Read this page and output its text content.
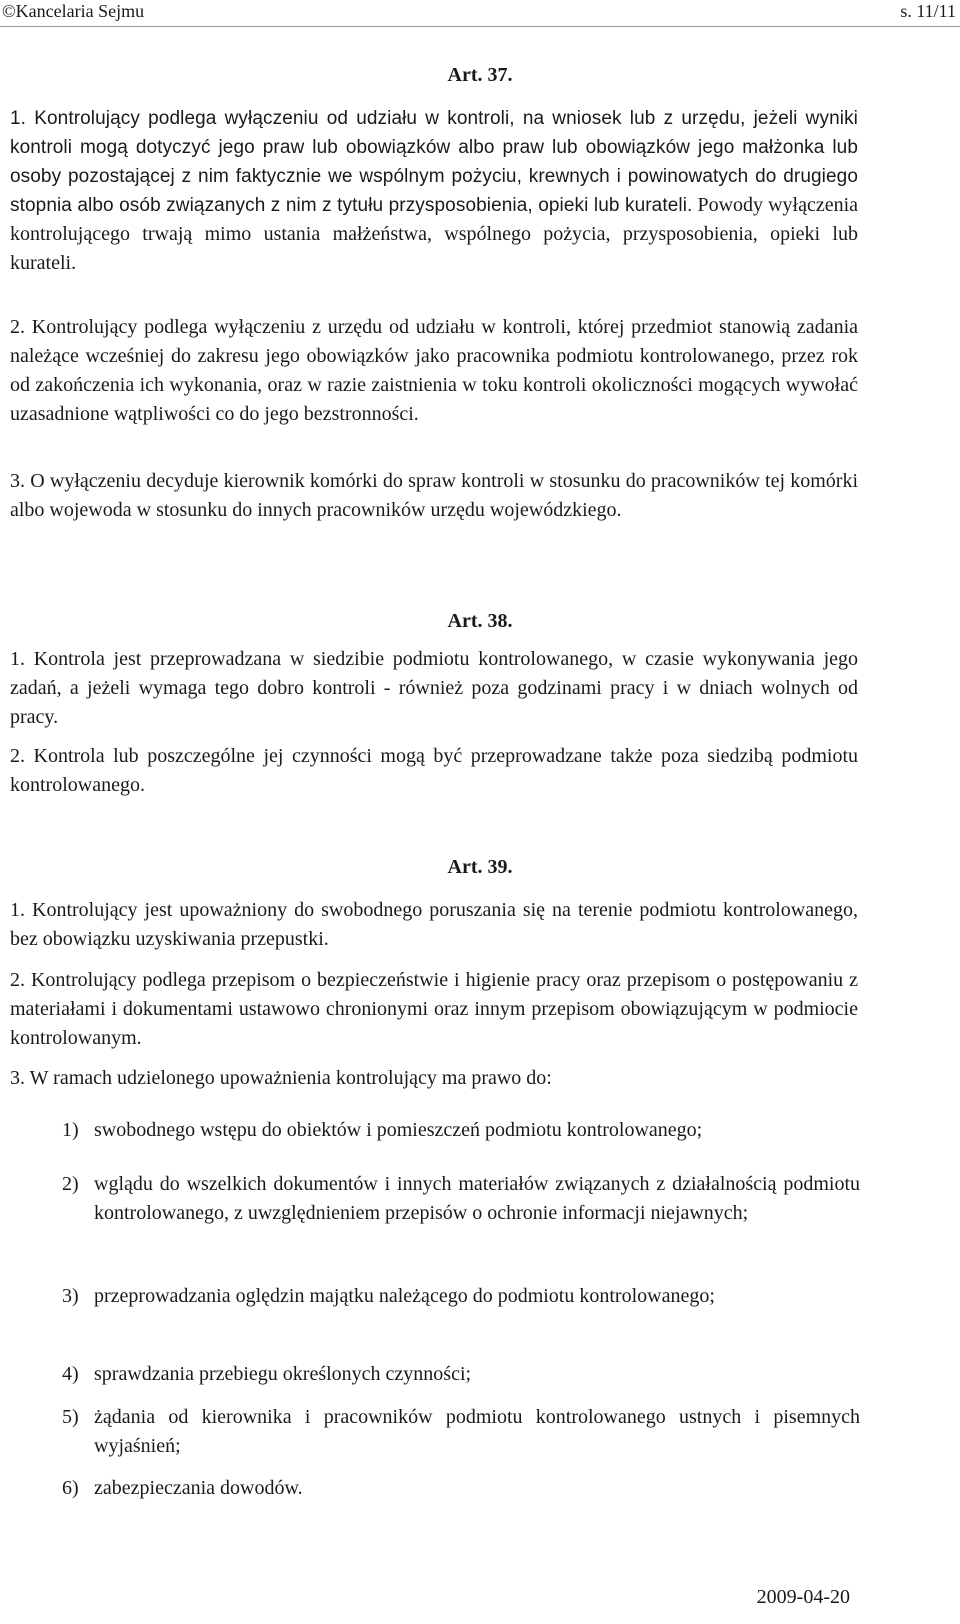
©Kancelaria Sejmu	s. 11/11
Art. 37.
1. Kontrolujący podlega wyłączeniu od udziału w kontroli, na wniosek lub z urzędu, jeżeli wyniki kontroli mogą dotyczyć jego praw lub obowiązków albo praw lub obowiązków jego małżonka lub osoby pozostającej z nim faktycznie we wspólnym pożyciu, krewnych i powinowatych do drugiego stopnia albo osób związanych z nim z tytułu przysposobienia, opieki lub kurateli. Powody wyłączenia kontrolującego trwają mimo ustania małżeństwa, wspólnego pożycia, przysposobienia, opieki lub kurateli.
2. Kontrolujący podlega wyłączeniu z urzędu od udziału w kontroli, której przedmiot stanowią zadania należące wcześniej do zakresu jego obowiązków jako pracownika podmiotu kontrolowanego, przez rok od zakończenia ich wykonania, oraz w razie zaistnienia w toku kontroli okoliczności mogących wywołać uzasadnione wątpliwości co do jego bezstronności.
3. O wyłączeniu decyduje kierownik komórki do spraw kontroli w stosunku do pracowników tej komórki albo wojewoda w stosunku do innych pracowników urzędu wojewódzkiego.
Art. 38.
1. Kontrola jest przeprowadzana w siedzibie podmiotu kontrolowanego, w czasie wykonywania jego zadań, a jeżeli wymaga tego dobro kontroli - również poza godzinami pracy i w dniach wolnych od pracy.
2. Kontrola lub poszczególne jej czynności mogą być przeprowadzane także poza siedzibą podmiotu kontrolowanego.
Art. 39.
1. Kontrolujący jest upoważniony do swobodnego poruszania się na terenie podmiotu kontrolowanego, bez obowiązku uzyskiwania przepustki.
2. Kontrolujący podlega przepisom o bezpieczeństwie i higienie pracy oraz przepisom o postępowaniu z materiałami i dokumentami ustawowo chronionymi oraz innym przepisom obowiązującym w podmiocie kontrolowanym.
3. W ramach udzielonego upoważnienia kontrolujący ma prawo do:
1) swobodnego wstępu do obiektów i pomieszczeń podmiotu kontrolowanego;
2) wglądu do wszelkich dokumentów i innych materiałów związanych z działalnością podmiotu kontrolowanego, z uwzględnieniem przepisów o ochronie informacji niejawnych;
3) przeprowadzania oględzin majątku należącego do podmiotu kontrolowanego;
4) sprawdzania przebiegu określonych czynności;
5) żądania od kierownika i pracowników podmiotu kontrolowanego ustnych i pisemnych wyjaśnień;
6) zabezpieczania dowodów.
2009-04-20
